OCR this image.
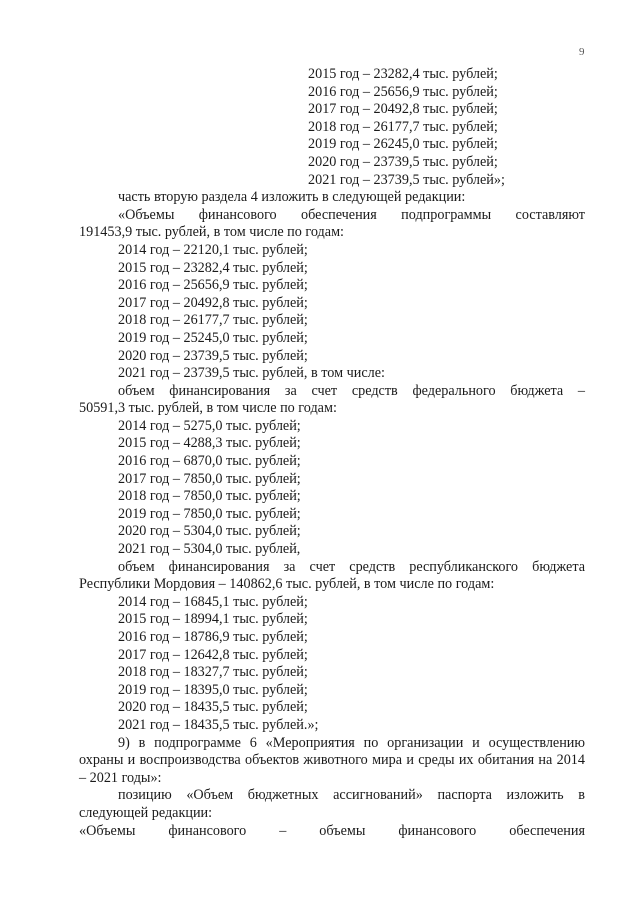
9
2015 год – 23282,4 тыс. рублей;
2016 год – 25656,9 тыс. рублей;
2017 год – 20492,8 тыс. рублей;
2018 год – 26177,7 тыс. рублей;
2019 год – 26245,0 тыс. рублей;
2020 год – 23739,5 тыс. рублей;
2021 год – 23739,5 тыс. рублей»;
часть вторую раздела 4 изложить в следующей редакции:
«Объемы финансового обеспечения подпрограммы составляют
191453,9 тыс. рублей, в том числе по годам:
2014 год – 22120,1 тыс. рублей;
2015 год – 23282,4 тыс. рублей;
2016 год – 25656,9 тыс. рублей;
2017 год – 20492,8 тыс. рублей;
2018 год – 26177,7 тыс. рублей;
2019 год – 25245,0 тыс. рублей;
2020 год – 23739,5 тыс. рублей;
2021 год – 23739,5 тыс. рублей, в том числе:
объем финансирования за счет средств федерального бюджета –
50591,3 тыс. рублей, в том числе по годам:
2014 год – 5275,0 тыс. рублей;
2015 год – 4288,3 тыс. рублей;
2016 год – 6870,0 тыс. рублей;
2017 год – 7850,0 тыс. рублей;
2018 год – 7850,0 тыс. рублей;
2019 год – 7850,0 тыс. рублей;
2020 год – 5304,0 тыс. рублей;
2021 год – 5304,0 тыс. рублей,
объем финансирования за счет средств республиканского бюджета
Республики Мордовия – 140862,6 тыс. рублей, в том числе по годам:
2014 год – 16845,1 тыс. рублей;
2015 год – 18994,1 тыс. рублей;
2016 год – 18786,9 тыс. рублей;
2017 год – 12642,8 тыс. рублей;
2018 год – 18327,7 тыс. рублей;
2019 год – 18395,0 тыс. рублей;
2020 год – 18435,5 тыс. рублей;
2021 год – 18435,5 тыс. рублей.»;
9) в подпрограмме 6 «Мероприятия по организации и осуществлению охраны и воспроизводства объектов животного мира и среды их обитания на 2014 – 2021 годы»:
позицию «Объем бюджетных ассигнований» паспорта изложить в следующей редакции:
«Объемы финансового – объемы финансового обеспечения
